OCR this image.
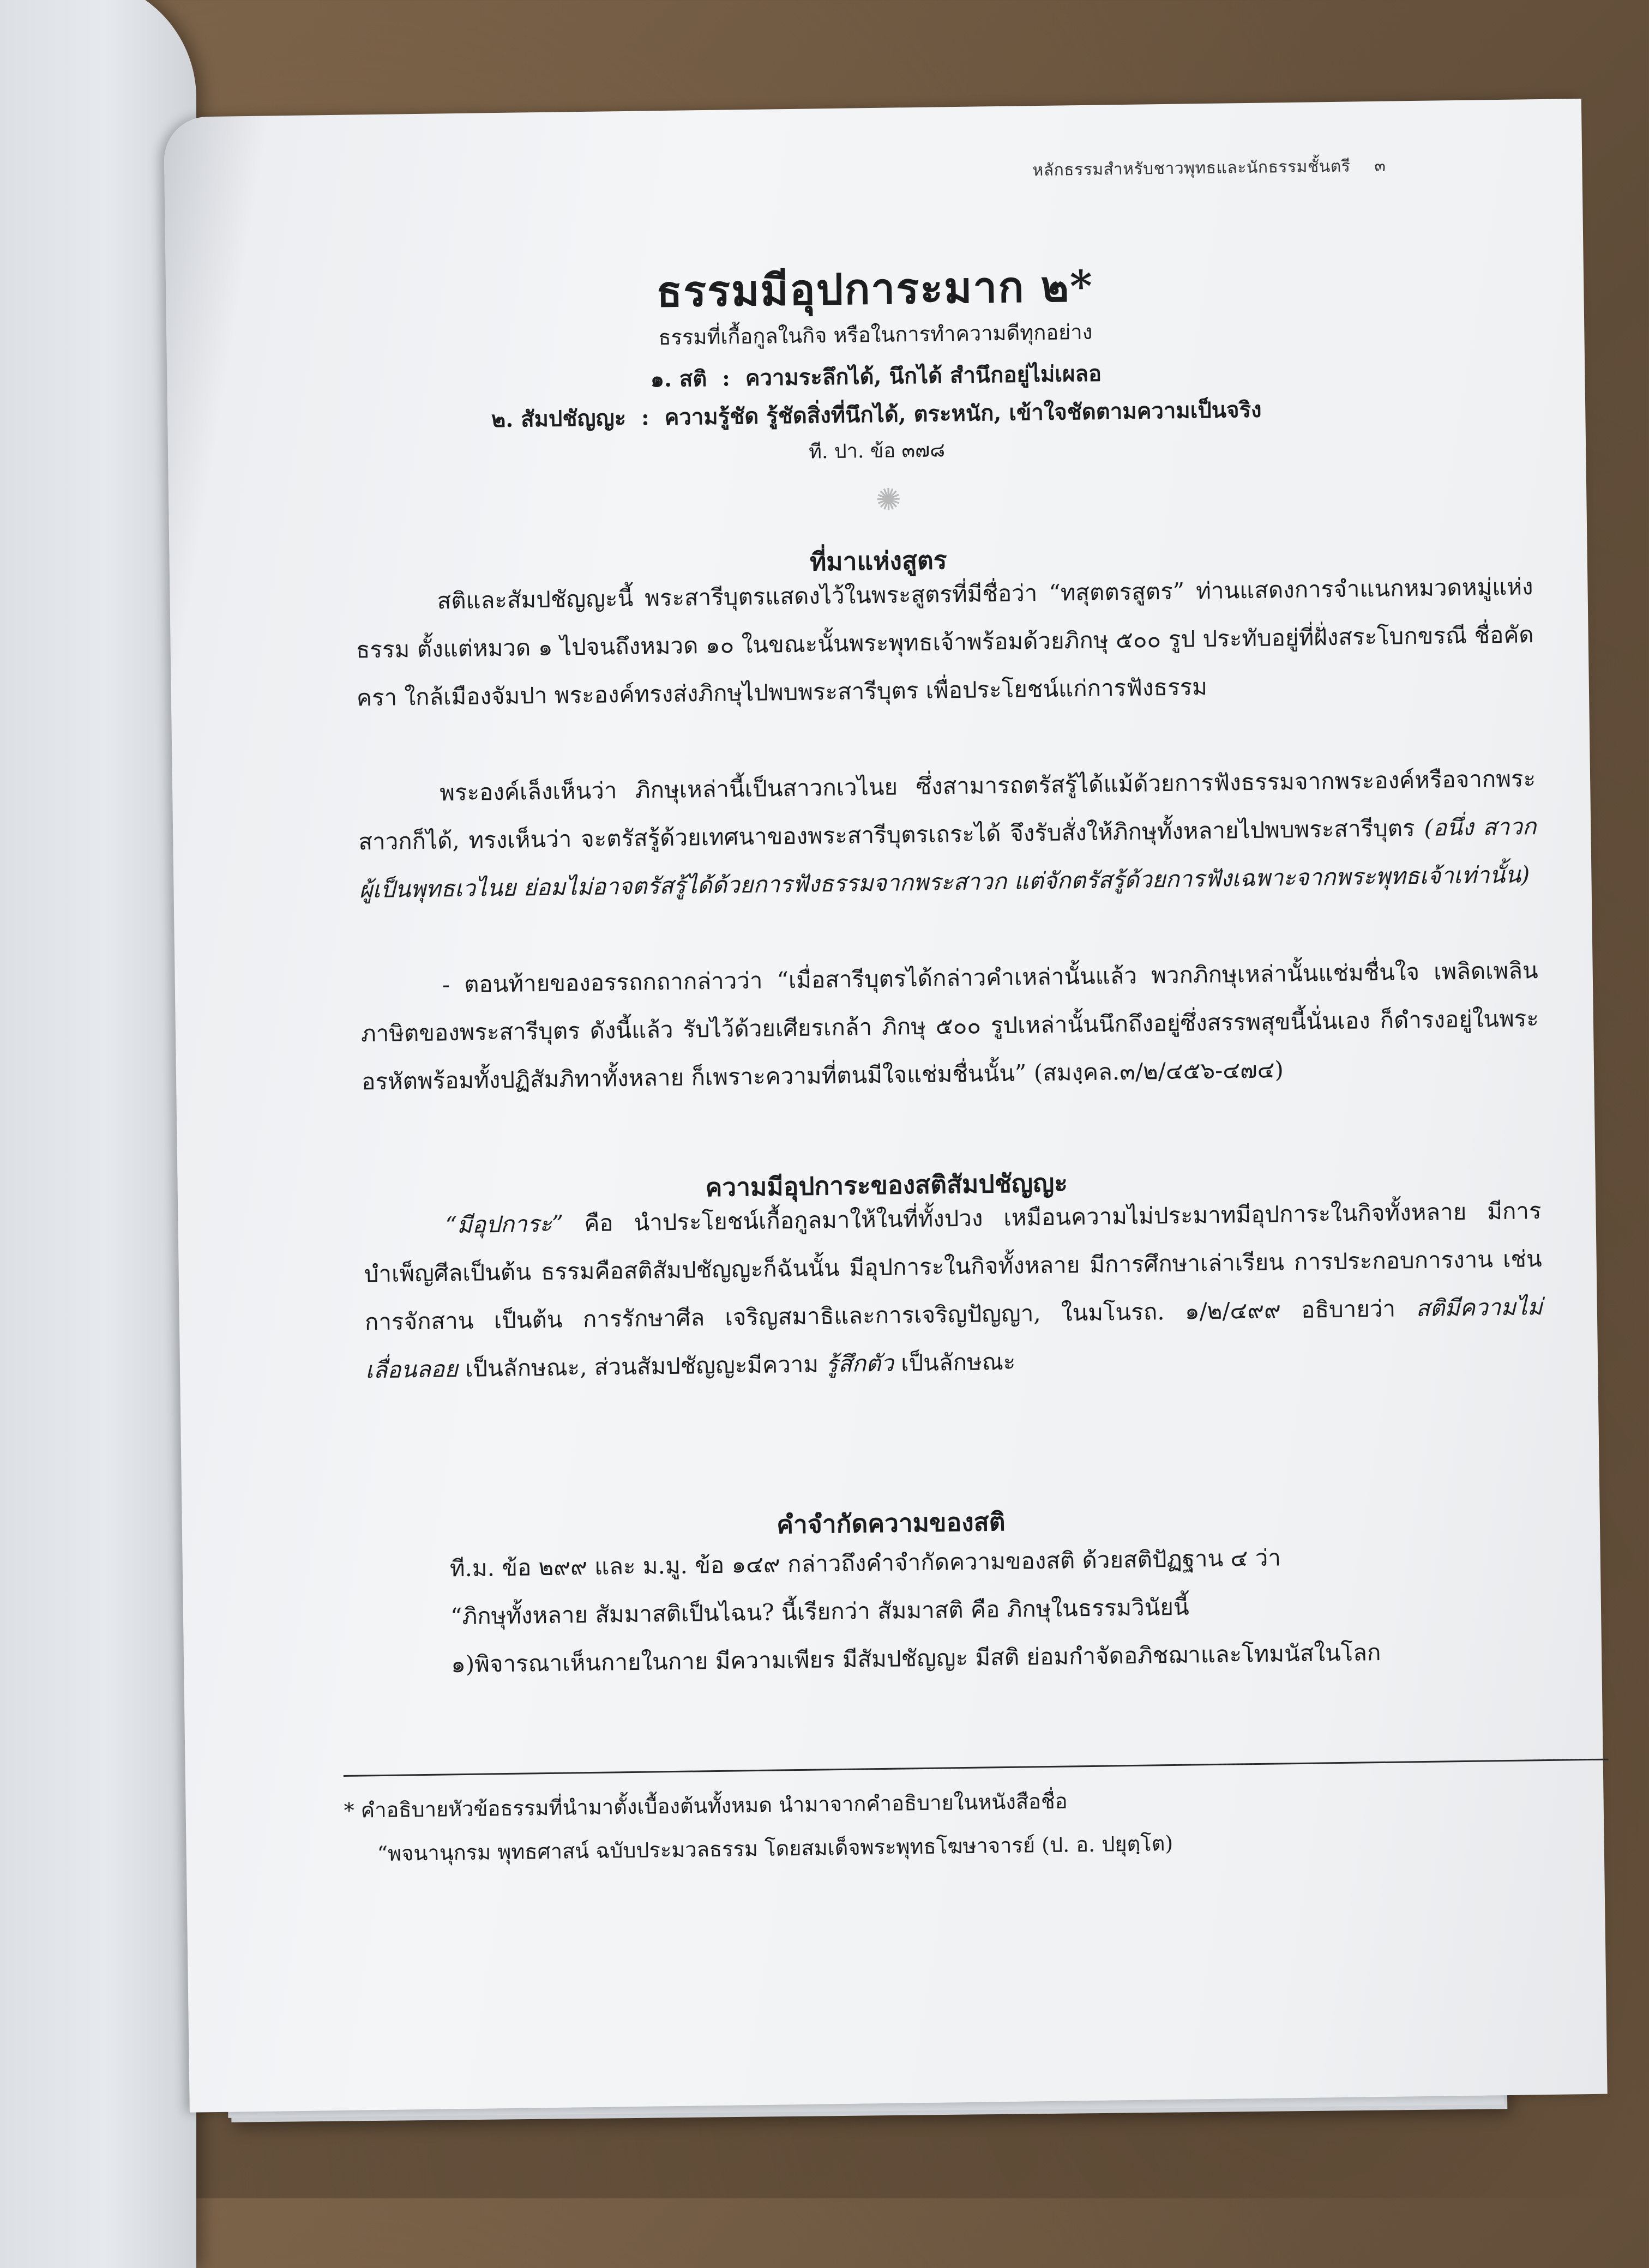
หลักธรรมสำหรับชาวพุทธและนักธรรมชั้นตรี ๓
ธรรมมีอุปการะมาก ๒*
ธรรมที่เกื้อกูลในกิจ หรือในการทำความดีทุกอย่าง
๑. สติ  :  ความระลึกได้, นึกได้ สำนึกอยู่ไม่เผลอ
๒. สัมปชัญญะ  :  ความรู้ชัด รู้ชัดสิ่งที่นึกได้, ตระหนัก, เข้าใจชัดตามความเป็นจริง
ที. ปา. ข้อ ๓๗๘
✺
ที่มาแห่งสูตร
สติและสัมปชัญญะนี้ พระสารีบุตรแสดงไว้ในพระสูตรที่มีชื่อว่า “ทสุตตรสูตร” ท่านแสดงการจำแนกหมวดหมู่แห่งธรรม ตั้งแต่หมวด ๑ ไปจนถึงหมวด ๑๐ ในขณะนั้นพระพุทธเจ้าพร้อมด้วยภิกษุ ๕๐๐ รูป ประทับอยู่ที่ฝั่งสระโบกขรณี ชื่อคัดครา ใกล้เมืองจัมปา พระองค์ทรงส่งภิกษุไปพบพระสารีบุตร เพื่อประโยชน์แก่การฟังธรรม
พระองค์เล็งเห็นว่า ภิกษุเหล่านี้เป็นสาวกเวไนย ซึ่งสามารถตรัสรู้ได้แม้ด้วยการฟังธรรมจากพระองค์หรือจากพระสาวกก็ได้, ทรงเห็นว่า จะตรัสรู้ด้วยเทศนาของพระสารีบุตรเถระได้ จึงรับสั่งให้ภิกษุทั้งหลายไปพบพระสารีบุตร (อนึ่ง สาวกผู้เป็นพุทธเวไนย ย่อมไม่อาจตรัสรู้ได้ด้วยการฟังธรรมจากพระสาวก แต่จักตรัสรู้ด้วยการฟังเฉพาะจากพระพุทธเจ้าเท่านั้น)
- ตอนท้ายของอรรถกถากล่าวว่า “เมื่อสารีบุตรได้กล่าวคำเหล่านั้นแล้ว พวกภิกษุเหล่านั้นแช่มชื่นใจ เพลิดเพลินภาษิตของพระสารีบุตร ดังนี้แล้ว รับไว้ด้วยเศียรเกล้า ภิกษุ ๕๐๐ รูปเหล่านั้นนึกถึงอยู่ซึ่งสรรพสุขนี้นั่นเอง ก็ดำรงอยู่ในพระอรหัตพร้อมทั้งปฏิสัมภิทาทั้งหลาย ก็เพราะความที่ตนมีใจแช่มชื่นนั้น” (สมงฺคล.๓/๒/๔๕๖-๔๗๔)
ความมีอุปการะของสติสัมปชัญญะ
“มีอุปการะ” คือ นำประโยชน์เกื้อกูลมาให้ในที่ทั้งปวง เหมือนความไม่ประมาทมีอุปการะในกิจทั้งหลาย มีการบำเพ็ญศีลเป็นต้น ธรรมคือสติสัมปชัญญะก็ฉันนั้น มีอุปการะในกิจทั้งหลาย มีการศึกษาเล่าเรียน การประกอบการงาน เช่น การจักสาน เป็นต้น การรักษาศีล เจริญสมาธิและการเจริญปัญญา, ในมโนรถ. ๑/๒/๔๙๙ อธิบายว่า สติมีความไม่เลื่อนลอย เป็นลักษณะ, ส่วนสัมปชัญญะมีความ รู้สึกตัว เป็นลักษณะ
คำจำกัดความของสติ
ที.ม. ข้อ ๒๙๙ และ ม.มู. ข้อ ๑๔๙ กล่าวถึงคำจำกัดความของสติ ด้วยสติปัฏฐาน ๔ ว่า
“ภิกษุทั้งหลาย สัมมาสติเป็นไฉน? นี้เรียกว่า สัมมาสติ คือ ภิกษุในธรรมวินัยนี้
๑)พิจารณาเห็นกายในกาย มีความเพียร มีสัมปชัญญะ มีสติ ย่อมกำจัดอภิชฌาและโทมนัสในโลก
* คำอธิบายหัวข้อธรรมที่นำมาตั้งเบื้องต้นทั้งหมด นำมาจากคำอธิบายในหนังสือชื่อ
“พจนานุกรม พุทธศาสน์ ฉบับประมวลธรรม โดยสมเด็จพระพุทธโฆษาจารย์ (ป. อ. ปยุตฺโต)
